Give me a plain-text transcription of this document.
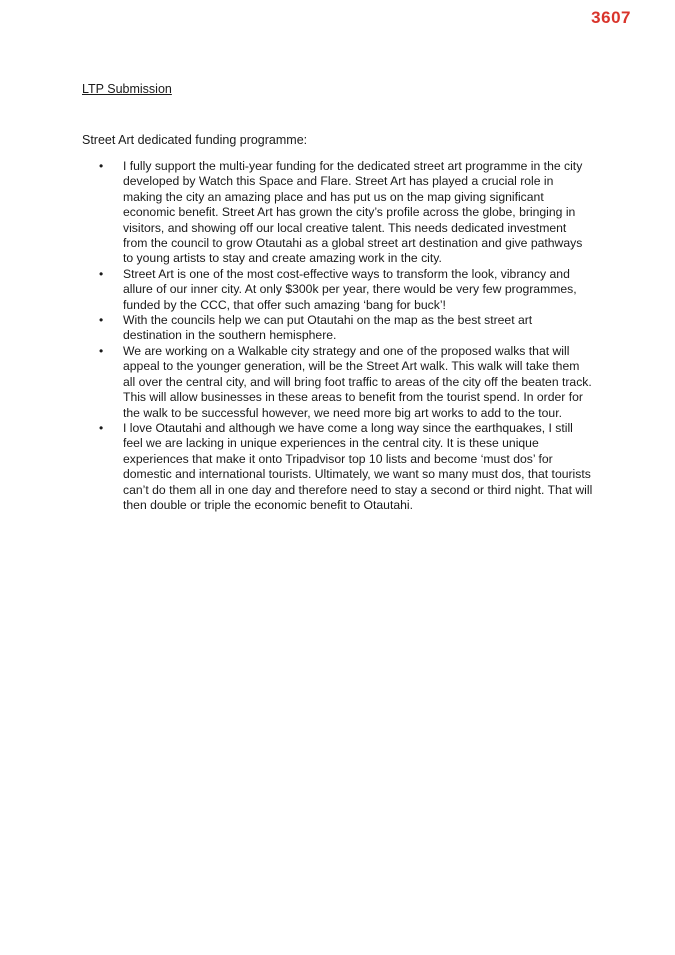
3607
LTP Submission
Street Art dedicated funding programme:
• I fully support the multi-year funding for the dedicated street art programme in the city developed by Watch this Space and Flare. Street Art has played a crucial role in making the city an amazing place and has put us on the map giving significant economic benefit. Street Art has grown the city’s profile across the globe, bringing in visitors, and showing off our local creative talent. This needs dedicated investment from the council to grow Otautahi as a global street art destination and give pathways to young artists to stay and create amazing work in the city.
• Street Art is one of the most cost-effective ways to transform the look, vibrancy and allure of our inner city. At only $300k per year, there would be very few programmes, funded by the CCC, that offer such amazing ‘bang for buck’!
• With the councils help we can put Otautahi on the map as the best street art destination in the southern hemisphere.
• We are working on a Walkable city strategy and one of the proposed walks that will appeal to the younger generation, will be the Street Art walk. This walk will take them all over the central city, and will bring foot traffic to areas of the city off the beaten track. This will allow businesses in these areas to benefit from the tourist spend. In order for the walk to be successful however, we need more big art works to add to the tour.
• I love Otautahi and although we have come a long way since the earthquakes, I still feel we are lacking in unique experiences in the central city. It is these unique experiences that make it onto Tripadvisor top 10 lists and become ‘must dos’ for domestic and international tourists. Ultimately, we want so many must dos, that tourists can’t do them all in one day and therefore need to stay a second or third night. That will then double or triple the economic benefit to Otautahi.
